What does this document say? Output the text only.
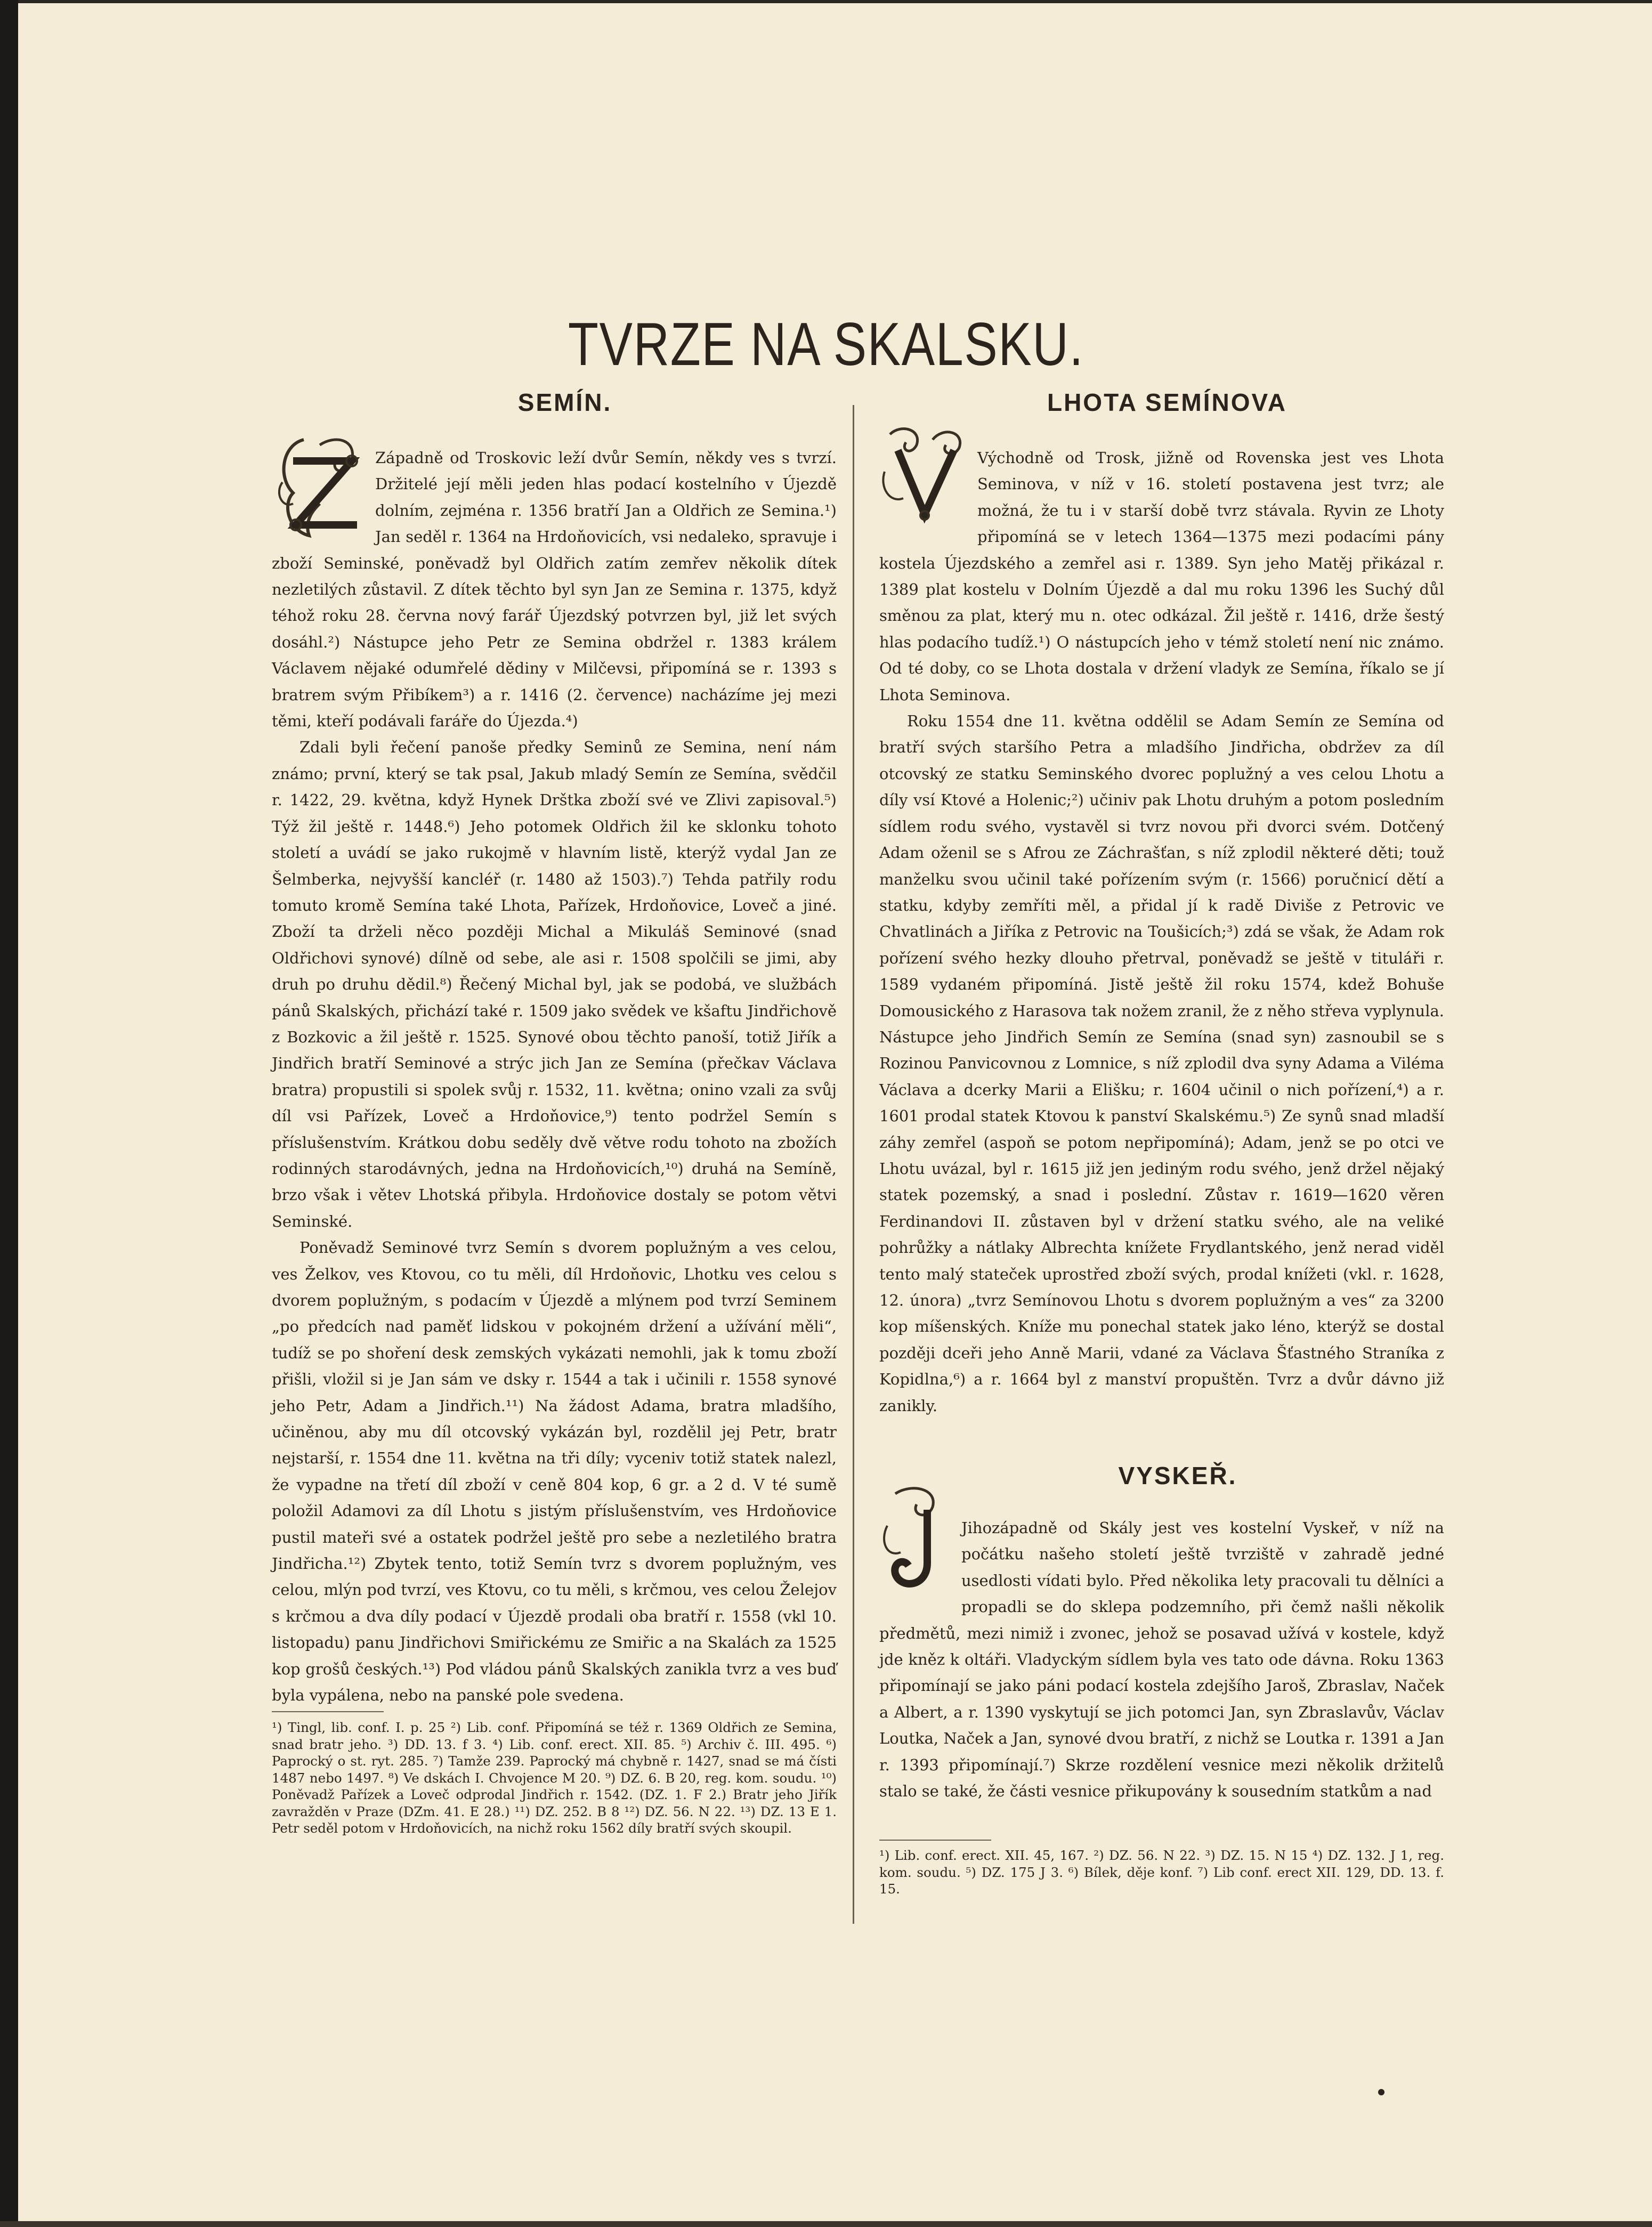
TVRZE NA SKALSKU.
SEMÍN.

Západně od Troskovic leží dvůr Semín, někdy ves s tvrzí. Držitelé její měli jeden hlas podací kostelního v Újezdě dolním, zejména r. 1356 bratří Jan a Oldřich ze Semina.¹) Jan seděl r. 1364 na Hrdoňovicích, vsi nedaleko, spravuje i zboží Seminské, poněvadž byl Oldřich zatím zemřev několik dítek nezletilých zůstavil. Z dítek těchto byl syn Jan ze Semina r. 1375, když téhož roku 28. června nový farář Újezdský potvrzen byl, již let svých dosáhl.²) Nástupce jeho Petr ze Semina obdržel r. 1383 králem Václavem nějaké odumřelé dědiny v Milčevsi, připomíná se r. 1393 s bratrem svým Přibíkem³) a r. 1416 (2. července) nacházíme jej mezi těmi, kteří podávali faráře do Újezda.⁴)

Zdali byli řečení panoše předky Seminů ze Semina, není nám známo; první, který se tak psal, Jakub mladý Semín ze Semína, svědčil r. 1422, 29. května, když Hynek Drštka zboží své ve Zlivi zapisoval.⁵) Týž žil ještě r. 1448.⁶) Jeho potomek Oldřich žil ke sklonku tohoto století a uvádí se jako rukojmě v hlavním listě, kterýž vydal Jan ze Šelmberka, nejvyšší kancléř (r. 1480 až 1503).⁷) Tehda patřily rodu tomuto kromě Semína také Lhota, Pařízek, Hrdoňovice, Loveč a jiné. Zboží ta drželi něco později Michal a Mikuláš Seminové (snad Oldřichovi synové) dílně od sebe, ale asi r. 1508 spolčili se jimi, aby druh po druhu dědil.⁸) Řečený Michal byl, jak se podobá, ve službách pánů Skalských, přichází také r. 1509 jako svědek ve kšaftu Jindřichově z Bozkovic a žil ještě r. 1525. Synové obou těchto panoší, totiž Jiřík a Jindřich bratří Seminové a strýc jich Jan ze Semína (přečkav Václava bratra) propustili si spolek svůj r. 1532, 11. května; onino vzali za svůj díl vsi Pařízek, Loveč a Hrdoňovice,⁹) tento podržel Semín s příslušenstvím. Krátkou dobu seděly dvě větve rodu tohoto na zbožích rodinných starodávných, jedna na Hrdoňovicích,¹⁰) druhá na Semíně, brzo však i větev Lhotská přibyla. Hrdoňovice dostaly se potom větvi Seminské.

Poněvadž Seminové tvrz Semín s dvorem poplužným a ves celou, ves Želkov, ves Ktovou, co tu měli, díl Hrdoňovic, Lhotku ves celou s dvorem poplužným, s podacím v Újezdě a mlýnem pod tvrzí Seminem „po předcích nad paměť lidskou v pokojném držení a užívání měli“, tudíž se po shoření desk zemských vykázati nemohli, jak k tomu zboží přišli, vložil si je Jan sám ve dsky r. 1544 a tak i učinili r. 1558 synové jeho Petr, Adam a Jindřich.¹¹) Na žádost Adama, bratra mladšího, učiněnou, aby mu díl otcovský vykázán byl, rozdělil jej Petr, bratr nejstarší, r. 1554 dne 11. května na tři díly; vyceniv totiž statek nalezl, že vypadne na třetí díl zboží v ceně 804 kop, 6 gr. a 2 d. V té sumě položil Adamovi za díl Lhotu s jistým příslušenstvím, ves Hrdoňovice pustil mateři své a ostatek podržel ještě pro sebe a nezletilého bratra Jindřicha.¹²) Zbytek tento, totiž Semín tvrz s dvorem poplužným, ves celou, mlýn pod tvrzí, ves Ktovu, co tu měli, s krčmou, ves celou Želejov s krčmou a dva díly podací v Újezdě prodali oba bratří r. 1558 (vkl 10. listopadu) panu Jindřichovi Smiřickému ze Smiřic a na Skalách za 1525 kop grošů českých.¹³) Pod vládou pánů Skalských zanikla tvrz a ves buď byla vypálena, nebo na panské pole svedena.

¹) Tingl, lib. conf. I. p. 25 ²) Lib. conf. Připomíná se též r. 1369 Oldřich ze Semina, snad bratr jeho. ³) DD. 13. f 3. ⁴) Lib. conf. erect. XII. 85. ⁵) Archiv č. III. 495. ⁶) Paprocký o st. ryt. 285. ⁷) Tamže 239. Paprocký má chybně r. 1427, snad se má čísti 1487 nebo 1497. ⁸) Ve dskách I. Chvojence M 20. ⁹) DZ. 6. B 20, reg. kom. soudu. ¹⁰) Poněvadž Pařízek a Loveč odprodal Jindřich r. 1542. (DZ. 1. F 2.) Bratr jeho Jiřík zavražděn v Praze (DZm. 41. E 28.) ¹¹) DZ. 252. B 8 ¹²) DZ. 56. N 22. ¹³) DZ. 13 E 1. Petr seděl potom v Hrdoňovicích, na nichž roku 1562 díly bratří svých skoupil.
LHOTA SEMÍNOVA

Východně od Trosk, jižně od Rovenska jest ves Lhota Seminova, v níž v 16. století postavena jest tvrz; ale možná, že tu i v starší době tvrz stávala. Ryvin ze Lhoty připomíná se v letech 1364—1375 mezi podacími pány kostela Újezdského a zemřel asi r. 1389. Syn jeho Matěj přikázal r. 1389 plat kostelu v Dolním Újezdě a dal mu roku 1396 les Suchý důl směnou za plat, který mu n. otec odkázal. Žil ještě r. 1416, drže šestý hlas podacího tudíž.¹) O nástupcích jeho v témž století není nic známo. Od té doby, co se Lhota dostala v držení vladyk ze Semína, říkalo se jí Lhota Seminova.

Roku 1554 dne 11. května oddělil se Adam Semín ze Semína od bratří svých staršího Petra a mladšího Jindřicha, obdržev za díl otcovský ze statku Seminského dvorec poplužný a ves celou Lhotu a díly vsí Ktové a Holenic;²) učiniv pak Lhotu druhým a potom posledním sídlem rodu svého, vystavěl si tvrz novou při dvorci svém. Dotčený Adam oženil se s Afrou ze Záchrašťan, s níž zplodil některé děti; touž manželku svou učinil také pořízením svým (r. 1566) poručnicí dětí a statku, kdyby zemříti měl, a přidal jí k radě Diviše z Petrovic ve Chvatlinách a Jiříka z Petrovic na Toušicích;³) zdá se však, že Adam rok pořízení svého hezky dlouho přetrval, poněvadž se ještě v tituláři r. 1589 vydaném připomíná. Jistě ještě žil roku 1574, kdež Bohuše Domousického z Harasova tak nožem zranil, že z něho střeva vyplynula. Nástupce jeho Jindřich Semín ze Semína (snad syn) zasnoubil se s Rozinou Panvicovnou z Lomnice, s níž zplodil dva syny Adama a Viléma Václava a dcerky Marii a Elišku; r. 1604 učinil o nich pořízení,⁴) a r. 1601 prodal statek Ktovou k panství Skalskému.⁵) Ze synů snad mladší záhy zemřel (aspoň se potom nepřipomíná); Adam, jenž se po otci ve Lhotu uvázal, byl r. 1615 již jen jediným rodu svého, jenž držel nějaký statek pozemský, a snad i poslední. Zůstav r. 1619—1620 věren Ferdinandovi II. zůstaven byl v držení statku svého, ale na veliké pohrůžky a nátlaky Albrechta knížete Frydlantského, jenž nerad viděl tento malý stateček uprostřed zboží svých, prodal knížeti (vkl. r. 1628, 12. února) „tvrz Semínovou Lhotu s dvorem poplužným a ves“ za 3200 kop míšenských. Kníže mu ponechal statek jako léno, kterýž se dostal později dceři jeho Anně Marii, vdané za Václava Šťastného Straníka z Kopidlna,⁶) a r. 1664 byl z manství propuštěn. Tvrz a dvůr dávno již zanikly.

VYSKEŘ.

Jihozápadně od Skály jest ves kostelní Vyskeř, v níž na počátku našeho století ještě tvrziště v zahradě jedné usedlosti vídati bylo. Před několika lety pracovali tu dělníci a propadli se do sklepa podzemního, při čemž našli několik předmětů, mezi nimiž i zvonec, jehož se posavad užívá v kostele, když jde kněz k oltáři. Vladyckým sídlem byla ves tato ode dávna. Roku 1363 připomínají se jako páni podací kostela zdejšího Jaroš, Zbraslav, Naček a Albert, a r. 1390 vyskytují se jich potomci Jan, syn Zbraslavův, Václav Loutka, Naček a Jan, synové dvou bratří, z nichž se Loutka r. 1391 a Jan r. 1393 připomínají.⁷) Skrze rozdělení vesnice mezi několik držitelů stalo se také, že části vesnice přikupovány k sousedním statkům a nad

¹) Lib. conf. erect. XII. 45, 167. ²) DZ. 56. N 22. ³) DZ. 15. N 15 ⁴) DZ. 132. J 1, reg. kom. soudu. ⁵) DZ. 175 J 3. ⁶) Bílek, děje konf. ⁷) Lib conf. erect XII. 129, DD. 13. f. 15.
